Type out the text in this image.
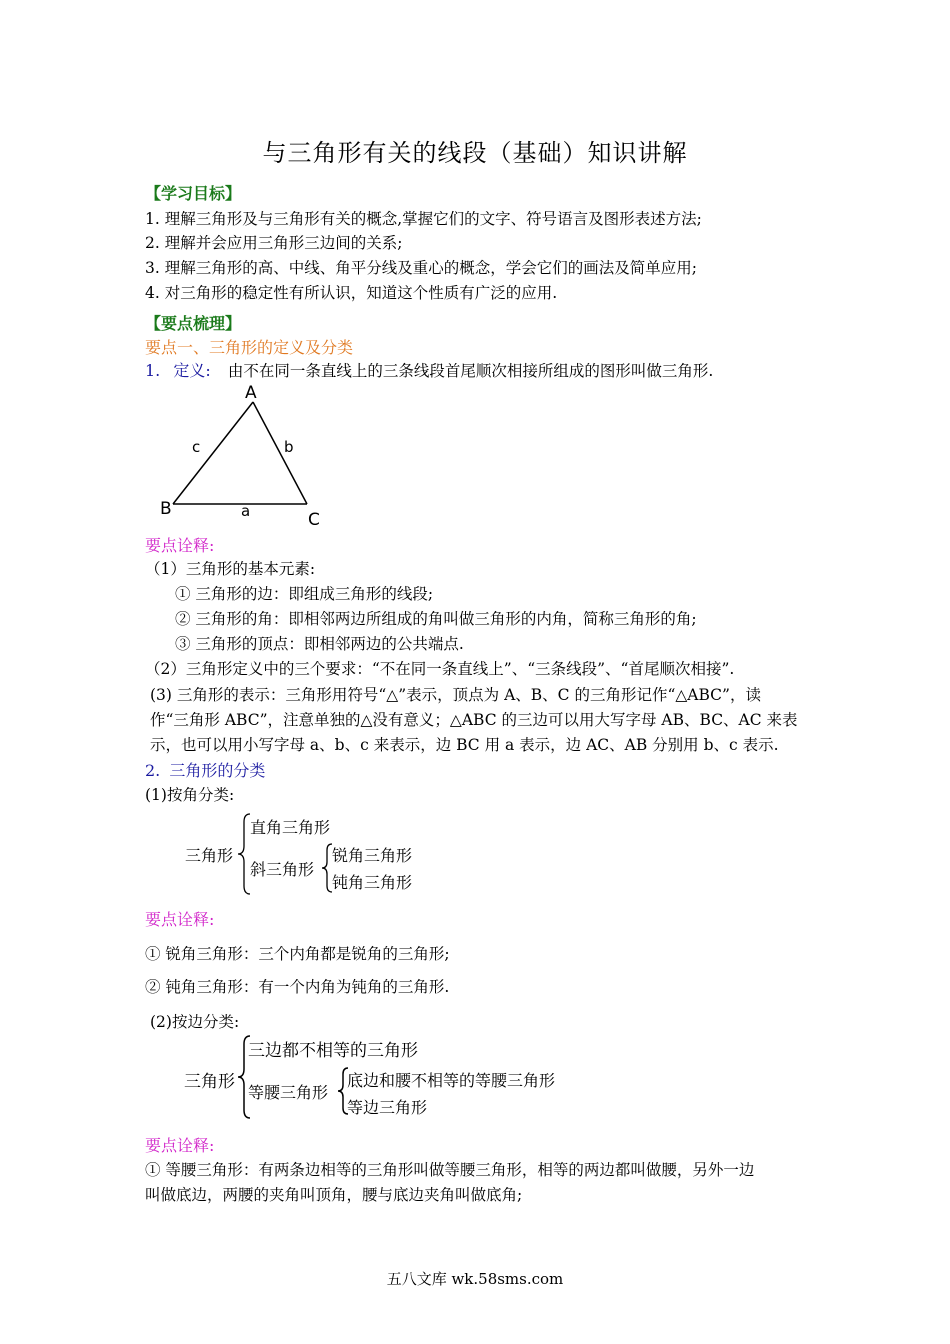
与三角形有关的线段（基础）知识讲解
【学习目标】
1. 理解三角形及与三角形有关的概念,掌握它们的文字、符号语言及图形表述方法;
2. 理解并会应用三角形三边间的关系;
3. 理解三角形的高、中线、角平分线及重心的概念，学会它们的画法及简单应用;
4. 对三角形的稳定性有所认识，知道这个性质有广泛的应用.
【要点梳理】
要点一、三角形的定义及分类
1. 定义: 由不在同一条直线上的三条线段首尾顺次相接所组成的图形叫做三角形.
A
B
C
a
b
c
要点诠释:
（1）三角形的基本元素:
① 三角形的边：即组成三角形的线段;
② 三角形的角：即相邻两边所组成的角叫做三角形的内角，简称三角形的角;
③ 三角形的顶点：即相邻两边的公共端点.
（2）三角形定义中的三个要求：“不在同一条直线上”、“三条线段”、“首尾顺次相接”.
(3) 三角形的表示：三角形用符号“△”表示，顶点为 A、B、C 的三角形记作“△ABC”，读
作“三角形 ABC”，注意单独的△没有意义；△ABC 的三边可以用大写字母 AB、BC、AC 来表
示，也可以用小写字母 a、b、c 来表示，边 BC 用 a 表示，边 AC、AB 分别用 b、c 表示.
2. 三角形的分类
(1)按角分类:
三角形
直角三角形
斜三角形
锐角三角形
钝角三角形
要点诠释:
① 锐角三角形：三个内角都是锐角的三角形;
② 钝角三角形：有一个内角为钝角的三角形.
(2)按边分类:
三角形
三边都不相等的三角形
等腰三角形
底边和腰不相等的等腰三角形
等边三角形
要点诠释:
① 等腰三角形：有两条边相等的三角形叫做等腰三角形，相等的两边都叫做腰，另外一边
叫做底边，两腰的夹角叫顶角，腰与底边夹角叫做底角;
五八文库 wk.58sms.com
